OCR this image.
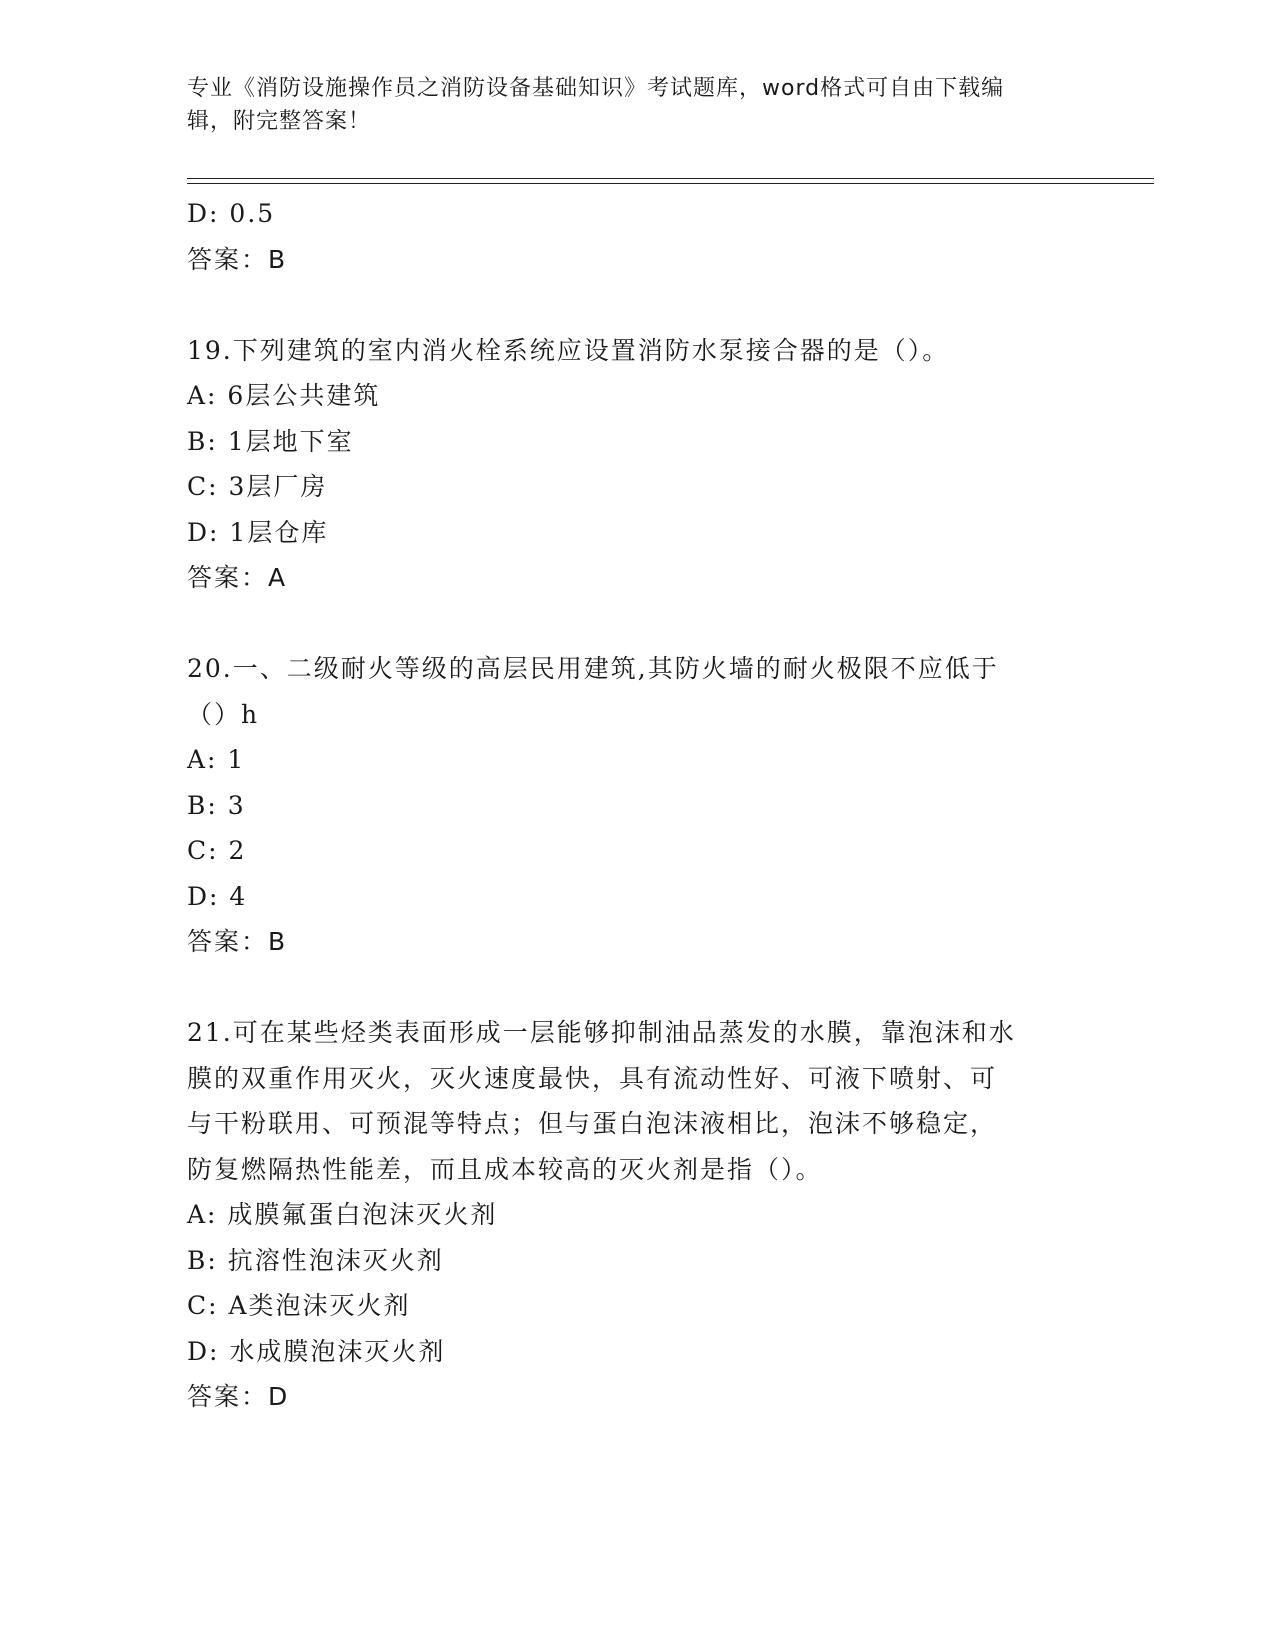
专业《消防设施操作员之消防设备基础知识》考试题库，word格式可自由下载编
辑，附完整答案！
D: 0.5
答案：B
19.下列建筑的室内消火栓系统应设置消防水泵接合器的是（）。
A: 6层公共建筑
B: 1层地下室
C: 3层厂房
D: 1层仓库
答案：A
20.一、二级耐火等级的高层民用建筑,其防火墙的耐火极限不应低于
（）h
A: 1
B: 3
C: 2
D: 4
答案：B
21.可在某些烃类表面形成一层能够抑制油品蒸发的水膜，靠泡沫和水
膜的双重作用灭火，灭火速度最快，具有流动性好、可液下喷射、可
与干粉联用、可预混等特点；但与蛋白泡沫液相比，泡沫不够稳定，
防复燃隔热性能差，而且成本较高的灭火剂是指（）。
A: 成膜氟蛋白泡沫灭火剂
B: 抗溶性泡沫灭火剂
C: A类泡沫灭火剂
D: 水成膜泡沫灭火剂
答案：D
